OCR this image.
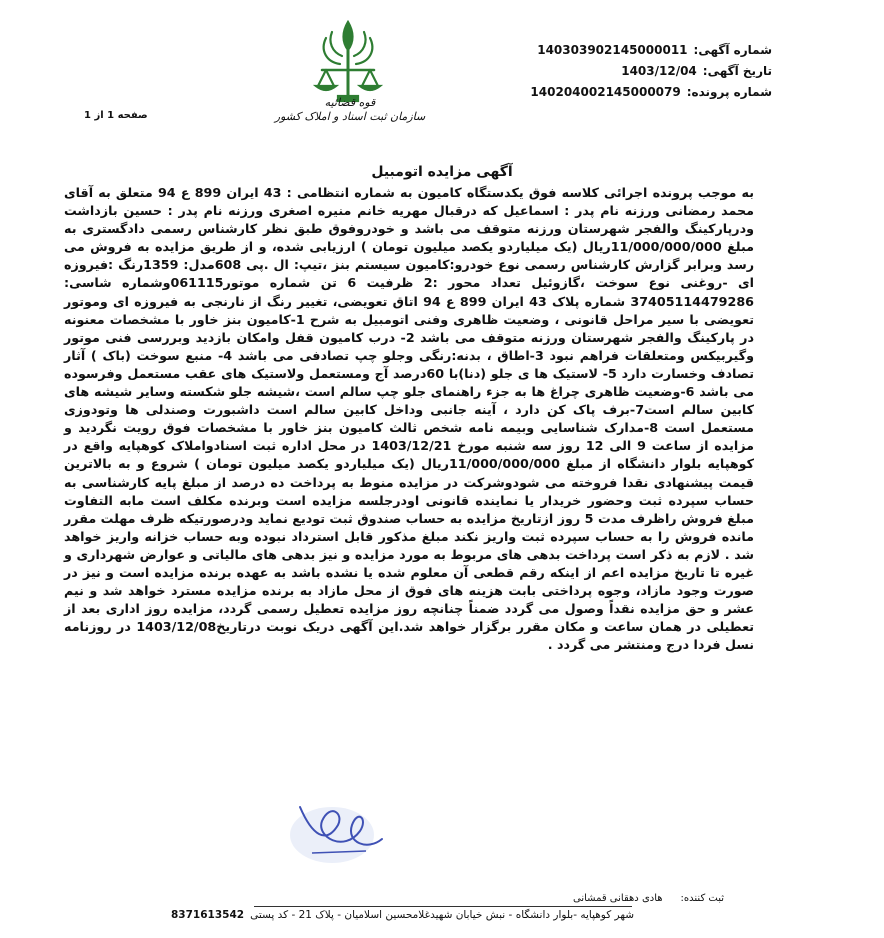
شماره آگهی:140303902145000011
تاریخ آگهی:1403/12/04
شماره پرونده:140204002145000079
قوه قضائیه
سازمان ثبت اسناد و املاک کشور
صفحه 1 از 1
آگهی مزایده اتومبیل
به موجب پرونده اجرائی کلاسه فوق یکدستگاه کامیون به شماره انتظامی : 43 ایران 899 ع 94 متعلق به آقای محمد رمضانی ورزنه نام پدر : اسماعیل که درقبال مهریه خانم منیره اصغری ورزنه نام پدر : حسین بازداشت ودرپارکینگ والفجر شهرستان ورزنه متوقف می باشد و خودروفوق طبق نظر کارشناس رسمی دادگستری به مبلغ 11/000/000/000ریال (یک میلیاردو یکصد میلیون تومان ) ارزیابی شده، و از طریق مزایده به فروش می رسد وبرابر گزارش کارشناس رسمی نوع خودرو:کامیون سیستم بنز ،تیپ: ال .پی 608مدل: 1359رنگ :فیروزه ای -روغنی نوع سوخت ،گازوئیل تعداد محور :2 ظرفیت 6 تن شماره موتور061115وشماره شاسی: 37405114479286 شماره پلاک 43 ایران 899 ع 94 اتاق تعویضی، تغییر رنگ از نارنجی به فیروزه ای وموتور تعویضی با سیر مراحل قانونی ، وضعیت ظاهری وفنی اتومبیل به شرح 1-کامیون بنز خاور با مشخصات معنونه در پارکینگ والفجر شهرستان ورزنه متوقف می باشد 2- درب کامیون قفل وامکان بازدید وبررسی فنی موتور وگیربیکس ومتعلقات فراهم نبود 3-اطاق ، بدنه:رنگی وجلو چپ تصادفی می باشد 4- منبع سوخت (باک ) آثار تصادف وخسارت دارد 5- لاستیک ها ی جلو (دنا)با 60درصد آج ومستعمل ولاستیک های عقب مستعمل وفرسوده می باشد 6-وضعیت ظاهری چراغ ها به جزء راهنمای جلو چپ سالم است ،شیشه جلو شکسته وسایر شیشه های کابین سالم است7-برف پاک کن دارد ، آینه جانبی وداخل کابین سالم است داشبورت وصندلی ها وتودوزی مستعمل است 8-مدارک شناسایی وبیمه نامه شخص ثالث کامیون بنز خاور با مشخصات فوق رویت نگردید و مزایده از ساعت 9 الی 12 روز سه شنبه مورخ 1403/12/21 در محل اداره ثبت اسنادواملاک کوهپایه واقع در کوهپایه بلوار دانشگاه از مبلغ 11/000/000/000ریال (یک میلیاردو یکصد میلیون تومان ) شروع و به بالاترین قیمت پیشنهادی نقدا فروخته می شودوشرکت در مزایده منوط به پرداخت ده درصد از مبلغ پایه کارشناسی به حساب سپرده ثبت وحضور خریدار یا نماینده قانونی اودرجلسه مزایده است وبرنده مکلف است مابه التفاوت مبلغ فروش راظرف مدت 5 روز ازتاریخ مزایده به حساب صندوق ثبت تودیع نماید ودرصورتیکه ظرف مهلت مقرر مانده فروش را به حساب سپرده ثبت واریز نکند مبلغ مذکور قابل استرداد نبوده وبه حساب خزانه واریز خواهد شد . لازم به ذکر است پرداخت بدهی های مربوط به مورد مزایده و نیز بدهی های مالیاتی و عوارض شهرداری و غیره تا تاریخ مزایده اعم از اینکه رقم قطعی آن معلوم شده یا نشده باشد به عهده برنده مزایده است و نیز در صورت وجود مازاد، وجوه پرداختی بابت هزینه های فوق از محل مازاد به برنده مزایده مسترد خواهد شد و نیم عشر و حق مزایده نقداً وصول می گردد ضمناً چنانچه روز مزایده تعطیل رسمی گردد، مزایده روز اداری بعد از تعطیلی در همان ساعت و مکان مقرر برگزار خواهد شد.این آگهی دریک نوبت درتاریخ1403/12/08 در روزنامه نسل فردا درج ومنتشر می گردد .
ثبت کننده:هادی دهقانی قمشانی
شهر کوهپایه -بلوار دانشگاه - نبش خیابان شهیدغلامحسین اسلامیان - پلاک 21 - کد پستی8371613542
